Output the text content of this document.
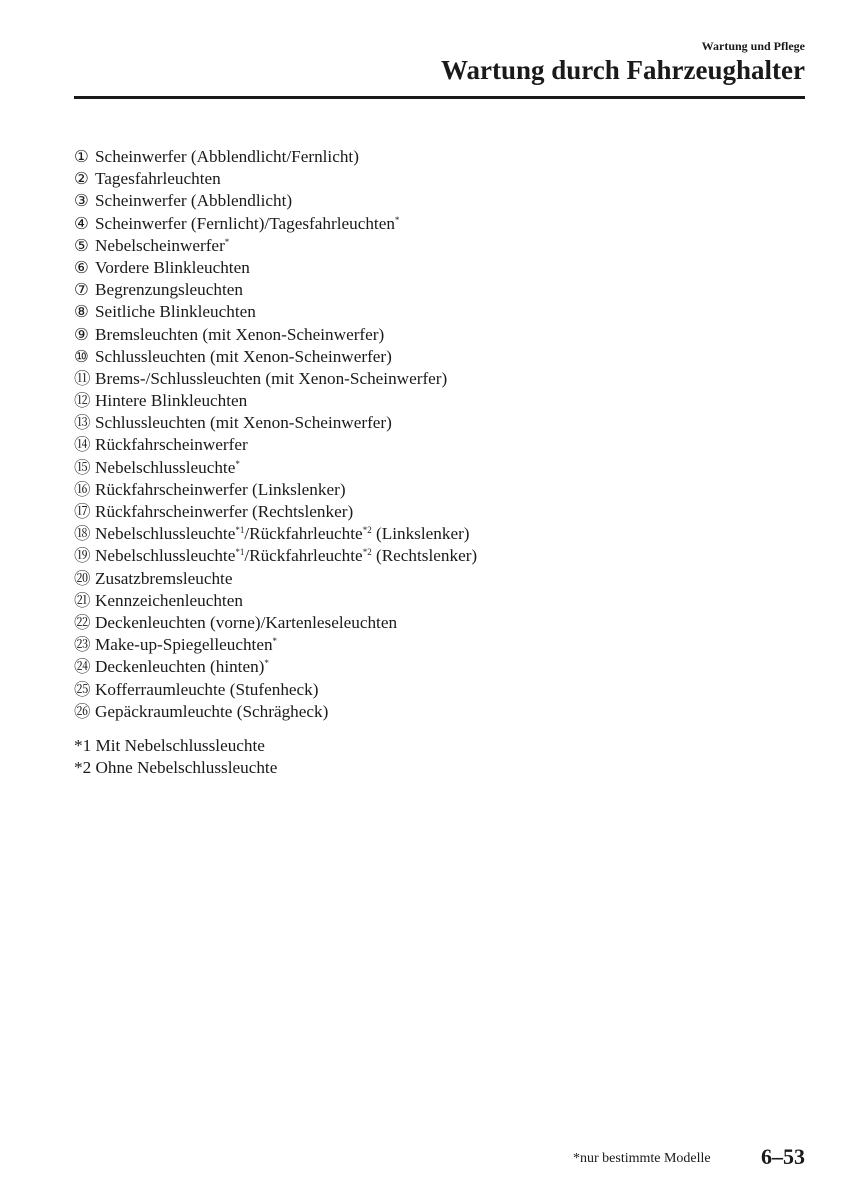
Wartung und Pflege
Wartung durch Fahrzeughalter
① Scheinwerfer (Abblendlicht/Fernlicht)
② Tagesfahrleuchten
③ Scheinwerfer (Abblendlicht)
④ Scheinwerfer (Fernlicht)/Tagesfahrleuchten*
⑤ Nebelscheinwerfer*
⑥ Vordere Blinkleuchten
⑦ Begrenzungsleuchten
⑧ Seitliche Blinkleuchten
⑨ Bremsleuchten (mit Xenon-Scheinwerfer)
⑩ Schlussleuchten (mit Xenon-Scheinwerfer)
⑪ Brems-/Schlussleuchten (mit Xenon-Scheinwerfer)
⑫ Hintere Blinkleuchten
⑬ Schlussleuchten (mit Xenon-Scheinwerfer)
⑭ Rückfahrscheinwerfer
⑮ Nebelschlussleuchte*
⑯ Rückfahrscheinwerfer (Linkslenker)
⑰ Rückfahrscheinwerfer (Rechtslenker)
⑱ Nebelschlussleuchte$^{*1}$/Rückfahrleuchte$^{*2}$ (Linkslenker)
⑲ Nebelschlussleuchte$^{*1}$/Rückfahrleuchte$^{*2}$ (Rechtslenker)
⑳ Zusatzbremsleuchte
㉑ Kennzeichenleuchten
㉒ Deckenleuchten (vorne)/Kartenleseleuchten
㉓ Make-up-Spiegelleuchten*
㉔ Deckenleuchten (hinten)*
㉕ Kofferraumleuchte (Stufenheck)
㉖ Gepäckraumleuchte (Schrägheck)
*1 Mit Nebelschlussleuchte
*2 Ohne Nebelschlussleuchte
*nur bestimmte Modelle 6–53
